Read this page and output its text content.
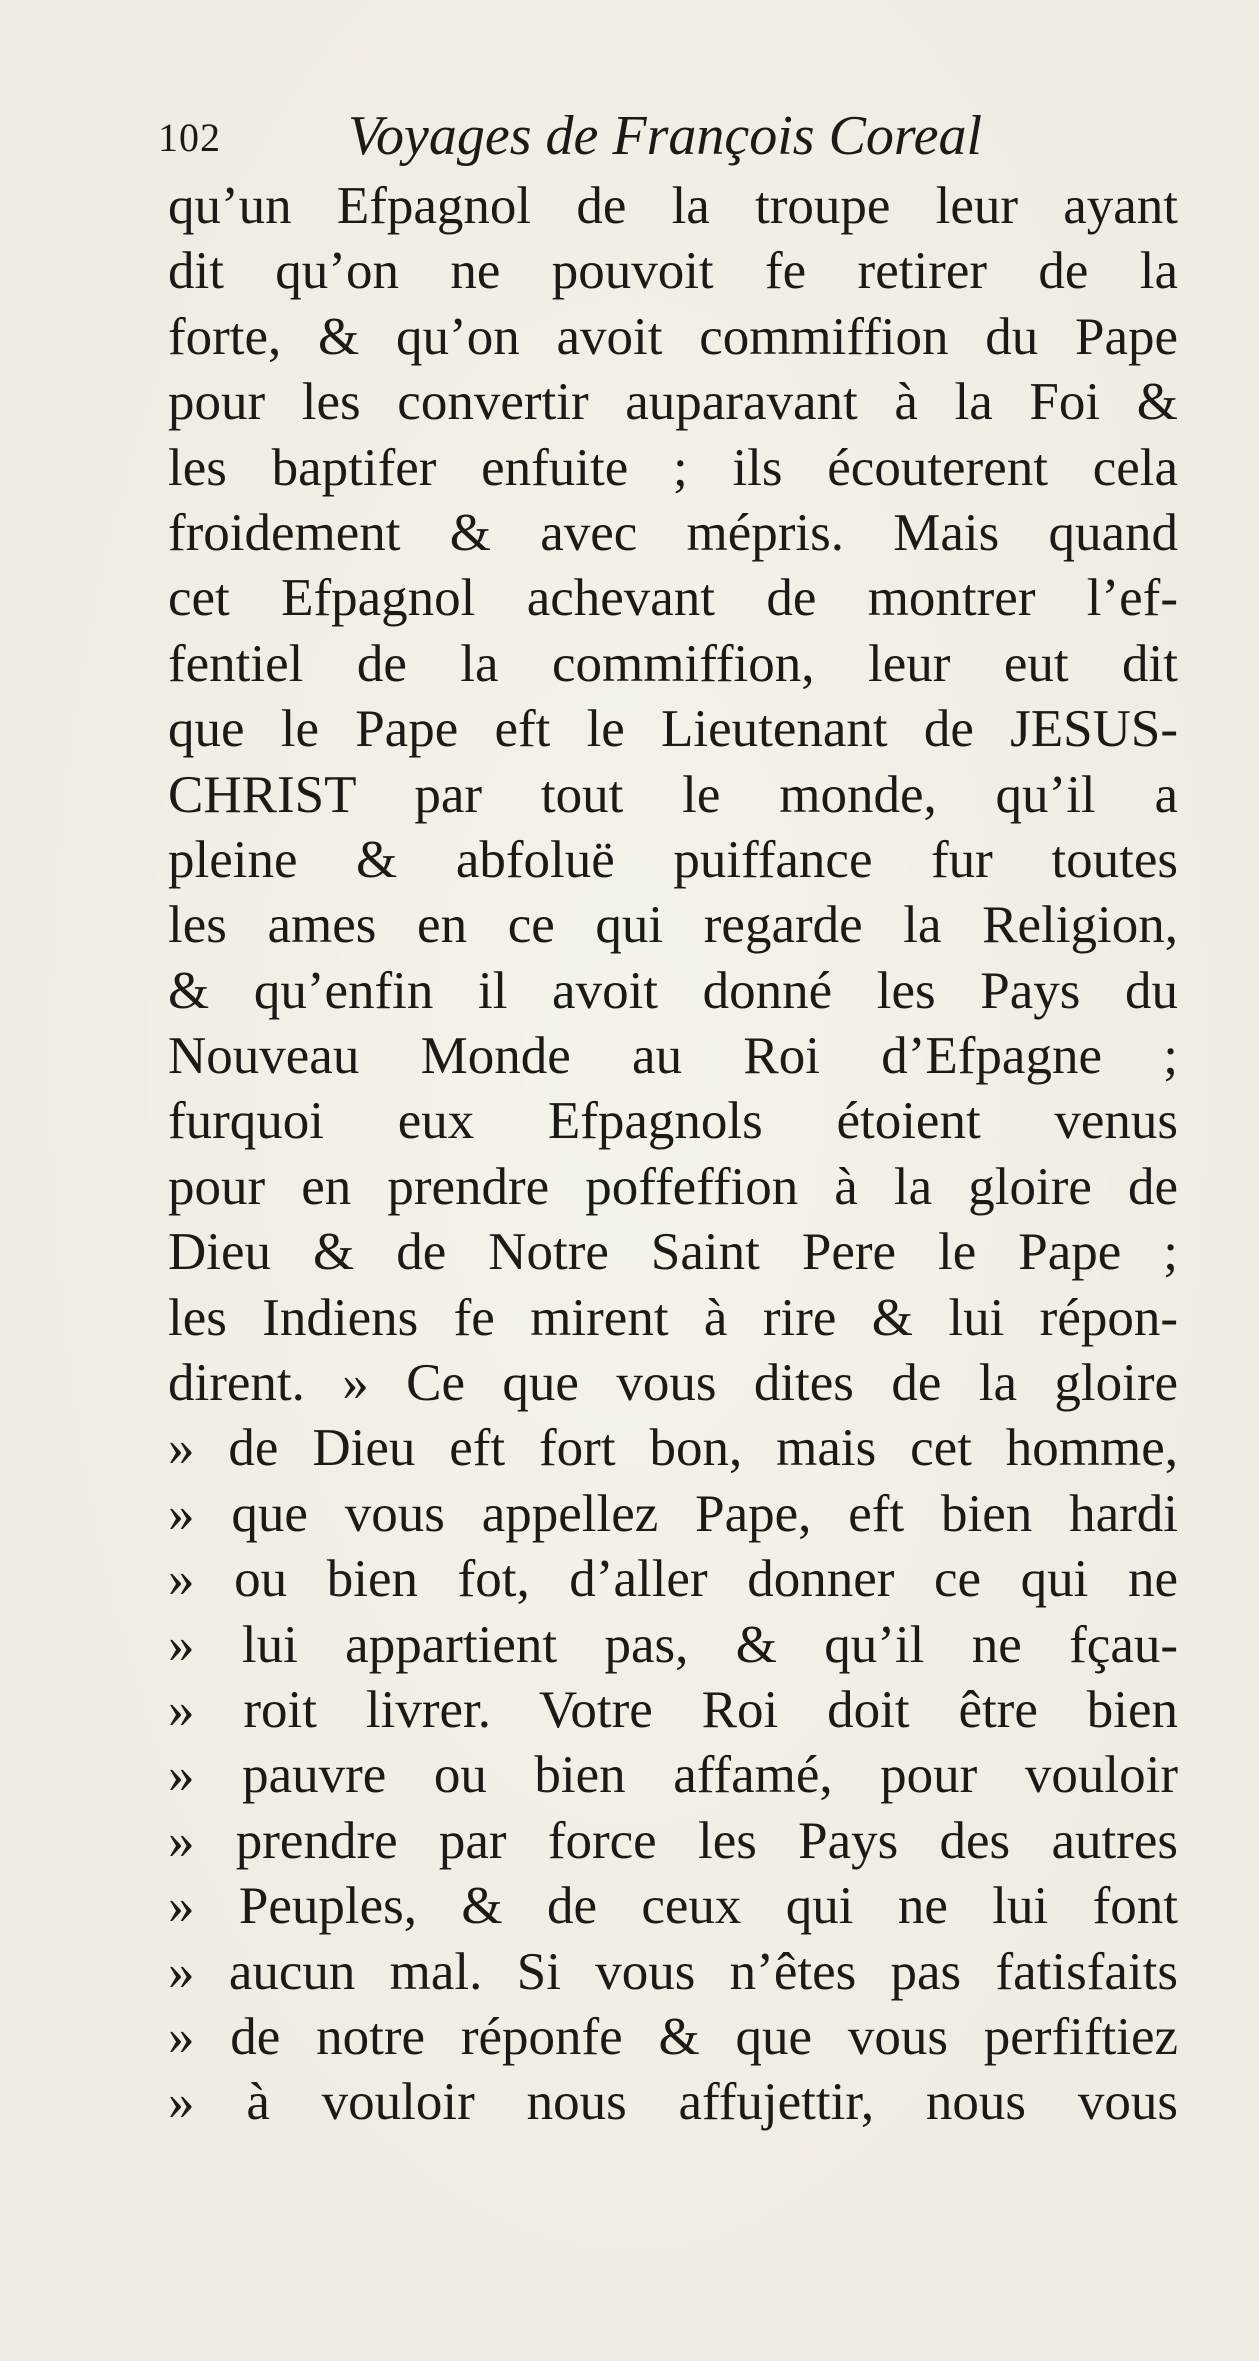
102 Voyages de François Coreal
qu’un Efpagnol de la troupe leur ayant
dit qu’on ne pouvoit fe retirer de la
forte, & qu’on avoit commiffion du Pape
pour les convertir auparavant à la Foi &
les baptifer enfuite ; ils écouterent cela
froidement & avec mépris. Mais quand
cet Efpagnol achevant de montrer l’ef-
fentiel de la commiffion, leur eut dit
que le Pape eft le Lieutenant de JESUS-
CHRIST par tout le monde, qu’il a
pleine & abfoluë puiffance fur toutes
les ames en ce qui regarde la Religion,
& qu’enfin il avoit donné les Pays du
Nouveau Monde au Roi d’Efpagne ;
furquoi eux Efpagnols étoient venus
pour en prendre poffeffion à la gloire de
Dieu & de Notre Saint Pere le Pape ;
les Indiens fe mirent à rire & lui répon-
dirent. » Ce que vous dites de la gloire
» de Dieu eft fort bon, mais cet homme,
» que vous appellez Pape, eft bien hardi
» ou bien fot, d’aller donner ce qui ne
» lui appartient pas, & qu’il ne fçau-
» roit livrer. Votre Roi doit être bien
» pauvre ou bien affamé, pour vouloir
» prendre par force les Pays des autres
» Peuples, & de ceux qui ne lui font
» aucun mal. Si vous n’êtes pas fatisfaits
» de notre réponfe & que vous perfiftiez
» à vouloir nous affujettir, nous vous
